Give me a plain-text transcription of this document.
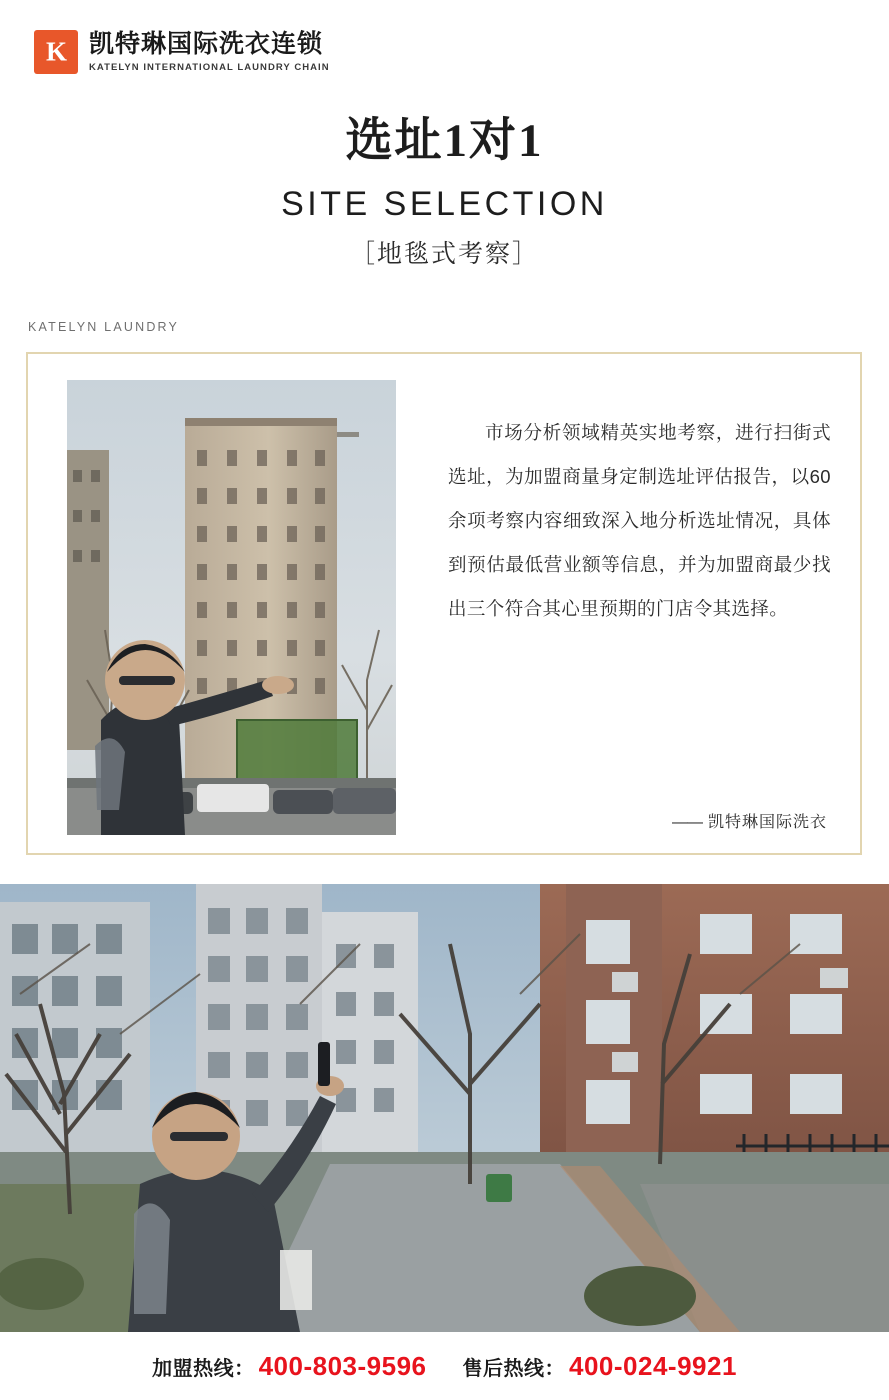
K 凯特琳国际洗衣连锁
KATELYN INTERNATIONAL LAUNDRY CHAIN
选址1对1
SITE SELECTION
［地毯式考察］
KATELYN LAUNDRY

市场分析领域精英实地考察，进行扫街式选址，为加盟商量身定制选址评估报告，以60余项考察内容细致深入地分析选址情况，具体到预估最低营业额等信息，并为加盟商最少找出三个符合其心里预期的门店令其选择。

—— 凯特琳国际洗衣
加盟热线： 400-803-9596 售后热线： 400-024-9921
